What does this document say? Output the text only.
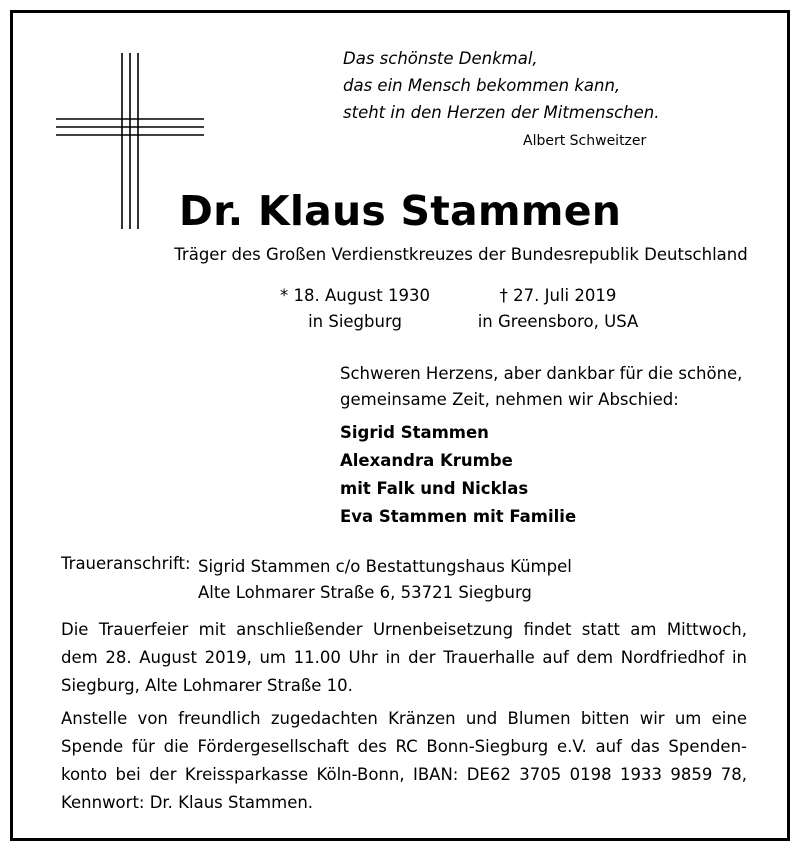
Das schönste Denkmal,
das ein Mensch bekommen kann,
steht in den Herzen der Mitmenschen.
Albert Schweitzer
Dr. Klaus Stammen
Träger des Großen Verdienstkreuzes der Bundesrepublik Deutschland
* 18. August 1930
in Siegburg
† 27. Juli 2019
in Greensboro, USA
Schweren Herzens, aber dankbar für die schöne,
gemeinsame Zeit, nehmen wir Abschied:
Sigrid Stammen
Alexandra Krumbe
mit Falk und Nicklas
Eva Stammen mit Familie
Traueranschrift: Sigrid Stammen c/o Bestattungshaus Kümpel
Alte Lohmarer Straße 6, 53721 Siegburg
Die Trauerfeier mit anschließender Urnenbeisetzung findet statt am Mittwoch,
dem 28. August 2019, um 11.00 Uhr in der Trauerhalle auf dem Nordfriedhof in
Siegburg, Alte Lohmarer Straße 10.
Anstelle von freundlich zugedachten Kränzen und Blumen bitten wir um eine
Spende für die Fördergesellschaft des RC Bonn-Siegburg e.V. auf das Spenden-
konto bei der Kreissparkasse Köln-Bonn, IBAN: DE62 3705 0198 1933 9859 78,
Kennwort: Dr. Klaus Stammen.
